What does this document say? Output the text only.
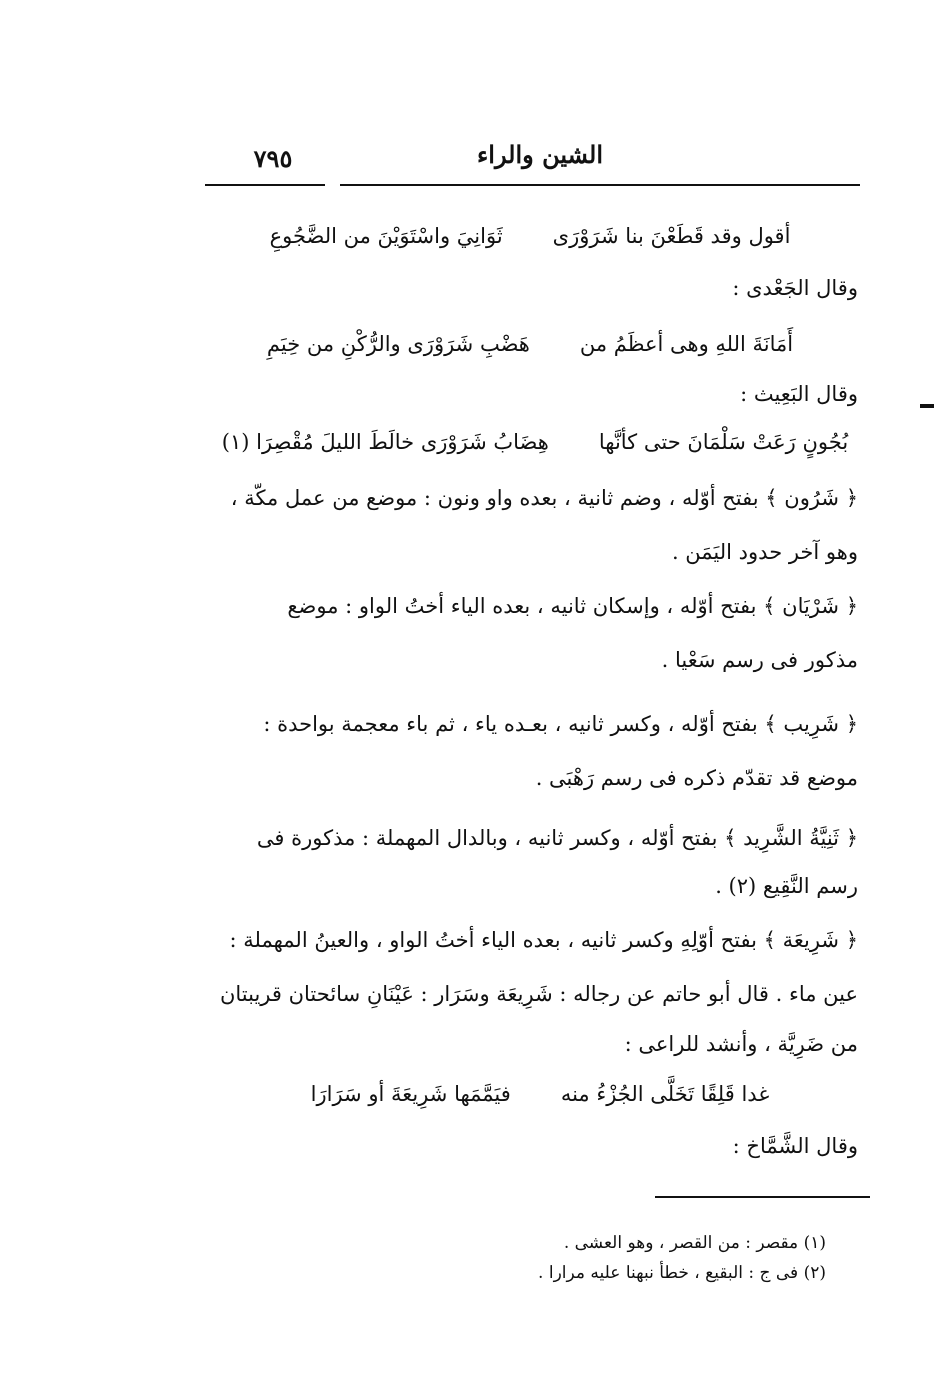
٧٩٥	الشين والراء
أقول وقد قَطَعْنَ بنا شَرَوْرَىثَوَانِيَ واسْتَوَيْنَ من الضَّجُوعِ
وقال الجَعْدى :
أَمَانَةَ اللهِ وهى أعظَمُ منهَضْبِ شَرَوْرَى والرُّكْنِ من خِيَمِ
وقال البَعِيث :
بُجُونٍ رَعَتْ سَلْمَانَ حتى كأنَّهاهِضَابُ شَرَوْرَى خالَطَ الليلَ مُقْصِرَا (١)
﴿ شَرُون ﴾ بفتح أوّله ، وضم ثانية ، بعده واو ونون : موضع من عمل مكّة ،
وهو آخر حدود اليَمَن .
﴿ شَرْيَان ﴾ بفتح أوّله ، وإسكان ثانيه ، بعده الياء أختُ الواو : موضع
مذكور فى رسم سَعْيا .
﴿ شَرِيب ﴾ بفتح أوّله ، وكسر ثانيه ، بعـده ياء ، ثم باء معجمة بواحدة :
موضع قد تقدّم ذكره فى رسم رَهْبَى .
﴿ ثَنِيَّةُ الشَّرِيد ﴾ بفتح أوّله ، وكسر ثانيه ، وبالدال المهملة : مذكورة فى
رسم النَّقِيع (٢) .
﴿ شَرِيعَة ﴾ بفتح أوّلِهِ وكسر ثانيه ، بعده الياء أختُ الواو ، والعينُ المهملة :
عين ماء . قال أبو حاتم عن رجاله : شَرِيعَة وسَرَار : عَيْنَانِ سائحتان قريبتان
من ضَرِيَّة ، وأنشد للراعى :
غدا قَلِقًا تَخَلَّى الجُزْءُ منهفيَمَّمَها شَرِيعَةَ أو سَرَارَا
وقال الشَّمَّاخ :
(١) مقصر : من القصر ، وهو العشى .
(٢) فى ج : البقيع ، خطأ نبهنا عليه مرارا .
